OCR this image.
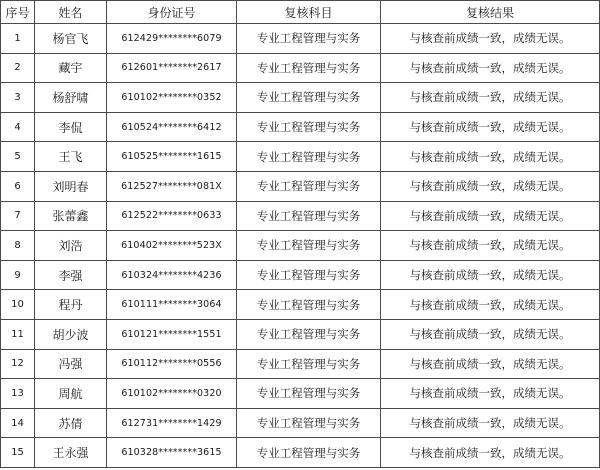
序号	姓名	身份证号	复核科目	复核结果
1	杨官飞	612429********6079	专业工程管理与实务	与核查前成绩一致，成绩无误。
2	藏宇	612601********2617	专业工程管理与实务	与核查前成绩一致，成绩无误。
3	杨舒啸	610102********0352	专业工程管理与实务	与核查前成绩一致，成绩无误。
4	李侃	610524********6412	专业工程管理与实务	与核查前成绩一致，成绩无误。
5	王飞	610525********1615	专业工程管理与实务	与核查前成绩一致，成绩无误。
6	刘明春	612527********081X	专业工程管理与实务	与核查前成绩一致，成绩无误。
7	张蕾鑫	612522********0633	专业工程管理与实务	与核查前成绩一致，成绩无误。
8	刘浩	610402********523X	专业工程管理与实务	与核查前成绩一致，成绩无误。
9	李强	610324********4236	专业工程管理与实务	与核查前成绩一致，成绩无误。
10	程丹	610111********3064	专业工程管理与实务	与核查前成绩一致，成绩无误。
11	胡少波	610121********1551	专业工程管理与实务	与核查前成绩一致，成绩无误。
12	冯强	610112********0556	专业工程管理与实务	与核查前成绩一致，成绩无误。
13	周航	610102********0320	专业工程管理与实务	与核查前成绩一致，成绩无误。
14	苏倩	612731********1429	专业工程管理与实务	与核查前成绩一致，成绩无误。
15	王永强	610328********3615	专业工程管理与实务	与核查前成绩一致，成绩无误。
